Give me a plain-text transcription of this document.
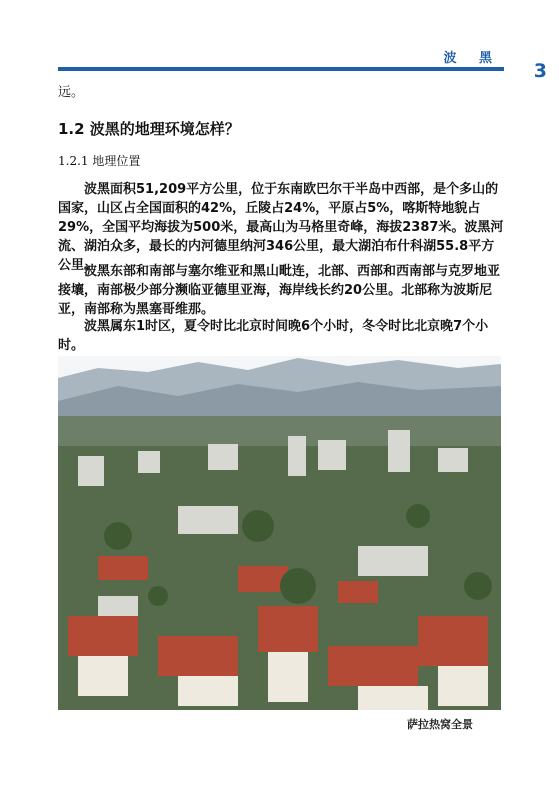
波 黑
3
远。
1.2 波黑的地理环境怎样？
1.2.1 地理位置
波黑面积51,209平方公里，位于东南欧巴尔干半岛中西部，是个多山的国家，山区占全国面积的42%，丘陵占24%，平原占5%，喀斯特地貌占29%，全国平均海拔为500米，最高山为马格里奇峰，海拔2387米。波黑河流、湖泊众多，最长的内河德里纳河346公里，最大湖泊布什科湖55.8平方公里。
波黑东部和南部与塞尔维亚和黑山毗连，北部、西部和西南部与克罗地亚接壤，南部极少部分濒临亚德里亚海，海岸线长约20公里。北部称为波斯尼亚，南部称为黑塞哥维那。
波黑属东1时区，夏令时比北京时间晚6个小时，冬令时比北京晚7个小时。
萨拉热窝全景
